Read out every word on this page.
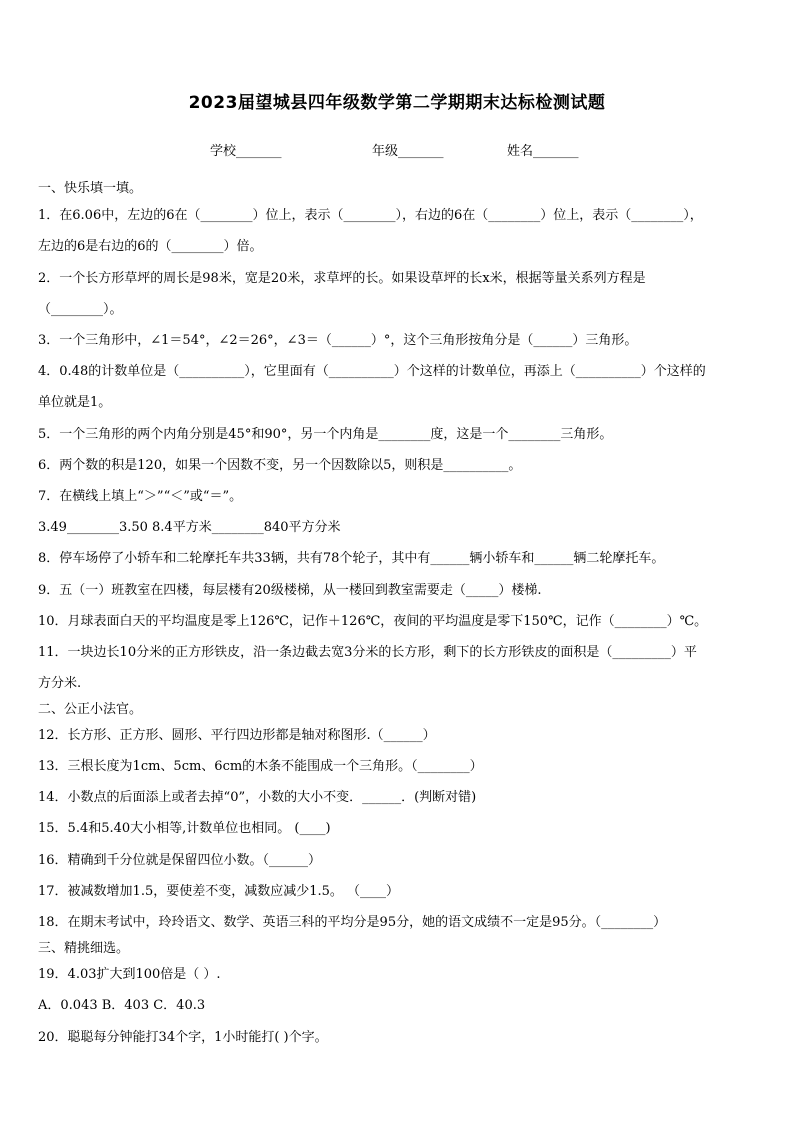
2023届望城县四年级数学第二学期期末达标检测试题
学校_______	年级_______	姓名_______
一、快乐填一填。
1．在6.06中，左边的6在（________）位上，表示（________），右边的6在（________）位上，表示（________），
左边的6是右边的6的（________）倍。
2．一个长方形草坪的周长是98米，宽是20米，求草坪的长。如果设草坪的长x米，根据等量关系列方程是
（________）。
3．一个三角形中，∠1＝54°，∠2＝26°，∠3＝（______）°，这个三角形按角分是（______）三角形。
4．0.48的计数单位是（__________），它里面有（__________）个这样的计数单位，再添上（__________）个这样的
单位就是1。
5．一个三角形的两个内角分别是45°和90°，另一个内角是________度，这是一个________三角形。
6．两个数的积是120，如果一个因数不变，另一个因数除以5，则积是__________。
7．在横线上填上“＞”“＜”或“＝”。
3.49________3.50 8.4平方米________840平方分米
8．停车场停了小轿车和二轮摩托车共33辆，共有78个轮子，其中有______辆小轿车和______辆二轮摩托车。
9．五（一）班教室在四楼，每层楼有20级楼梯，从一楼回到教室需要走（_____）楼梯.
10．月球表面白天的平均温度是零上126℃，记作＋126℃，夜间的平均温度是零下150℃，记作（________）℃。
11．一块边长10分米的正方形铁皮，沿一条边截去宽3分米的长方形，剩下的长方形铁皮的面积是（_________）平
方分米.
二、公正小法官。
12．长方形、正方形、圆形、平行四边形都是轴对称图形.（______）
13．三根长度为1cm、5cm、6cm的木条不能围成一个三角形。（________）
14．小数点的后面添上或者去掉“0”，小数的大小不变．______．(判断对错)
15．5.4和5.40大小相等,计数单位也相同。 (____)
16．精确到千分位就是保留四位小数。（______）
17．被减数增加1.5，要使差不变，减数应减少1.5。 （____）
18．在期末考试中，玲玲语文、数学、英语三科的平均分是95分，她的语文成绩不一定是95分。（________）
三、精挑细选。
19．4.03扩大到100倍是（ ）.
A．0.043 B．403 C．40.3
20．聪聪每分钟能打34个字，1小时能打( )个字。
